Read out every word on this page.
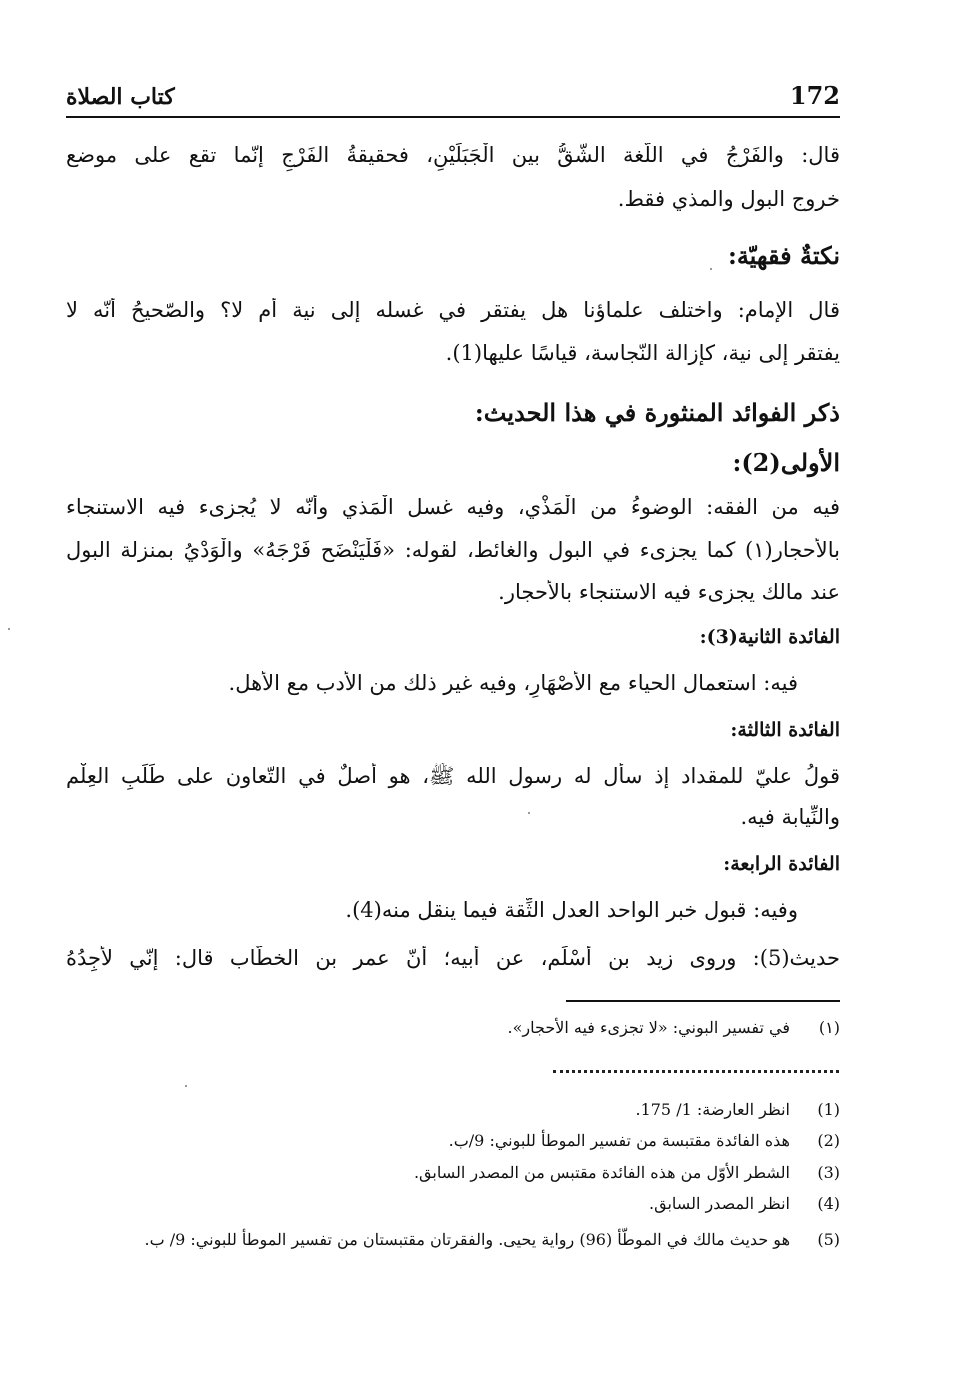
172
كتاب الصلاة
قال: والفَرْجُ في اللُّغة الشَّقُّ بين الْجَبَلَيْنِ، فحقيقةُ الفَرْجِ إنّما تقع على موضع
خروج البول والمذي فقط.
نكتةٌ فقهيّة:
قال الإمام: واختلف علماؤنا هل يفتقر في غسله إلى نية أم لا؟ والصّحيحُ أنّه لا
يفتقر إلى نية، كإزالة النّجاسة، قياسًا عليها(1).
ذكر الفوائد المنثورة في هذا الحديث:
الأولى(2):
فيه من الفقه: الوضوءُ من الْمَذْي، وفيه غسل الْمَذي وأنّه لا يُجزىء فيه الاستنجاء
بالأحجار(١) كما يجزىء في البول والغائط، لقوله: «فَلْيَنْضَح فَرْجَهُ» والْوَدْيُ بمنزلة البول
عند مالك يجزىء فيه الاستنجاء بالأحجار.
الفائدة الثانية(3):
فيه: استعمال الحياء مع الأَصْهَارِ، وفيه غير ذلك من الأدب مع الأهل.
الفائدة الثالثة:
قولُ عليّ للمقداد إذ سأل له رسول الله ﷺ، هو أصلٌ في التّعاون على طَلَبِ العِلْم
والنِّيابة فيه.
الفائدة الرابعة:
وفيه: قبول خبر الواحد العدل الثِّقة فيما ينقل منه(4).
حديث(5): وروى زيد بن أَسْلَم، عن أبيه؛ أنّ عمر بن الخطّاب قال: إنّي لأَجِدُهُ
(١)
في تفسير البوني: «لا تجزىء فيه الأحجار».
(1)
انظر العارضة: 1/ 175.
(2)
هذه الفائدة مقتبسة من تفسير الموطأ للبوني: 9/ب.
(3)
الشطر الأوّل من هذه الفائدة مقتبس من المصدر السابق.
(4)
انظر المصدر السابق.
(5)
هو حديث مالك في الموطّأ (96) رواية يحيى. والفقرتان مقتبستان من تفسير الموطأ للبوني: 9/ ب.
